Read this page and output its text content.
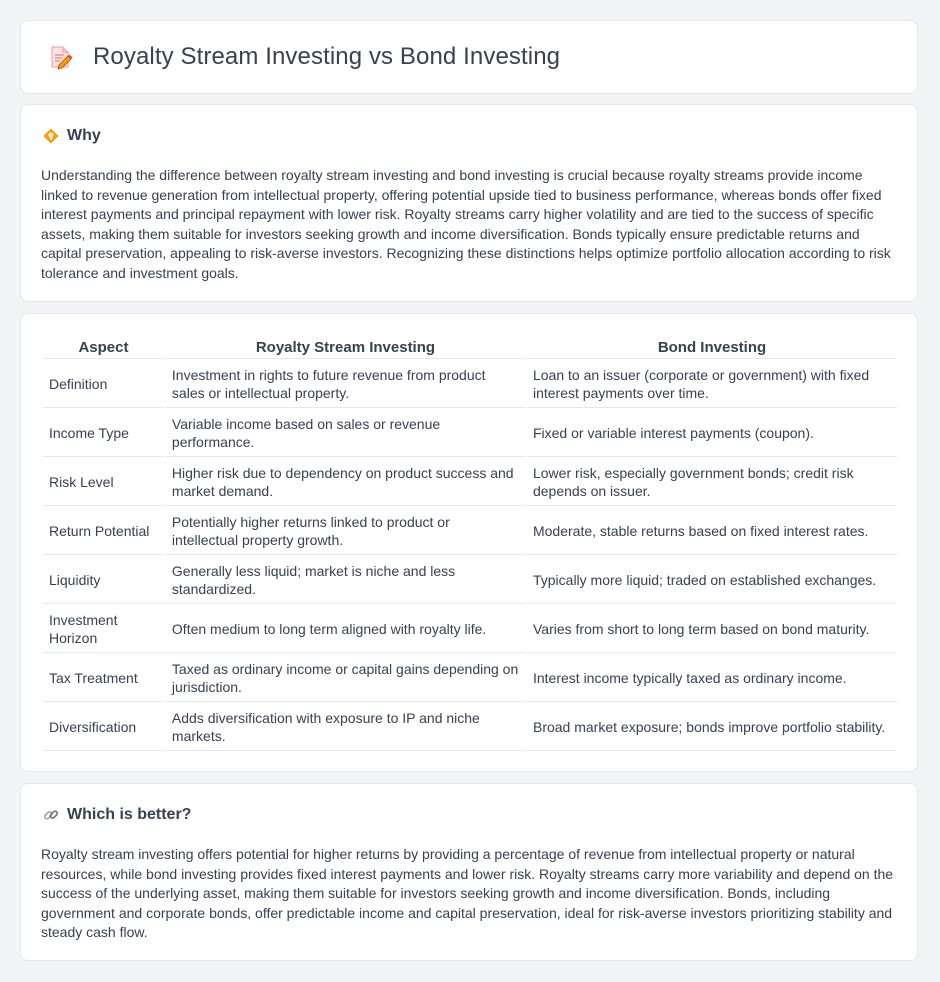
Royalty Stream Investing vs Bond Investing
Why

Understanding the difference between royalty stream investing and bond investing is crucial because royalty streams provide income linked to revenue generation from intellectual property, offering potential upside tied to business performance, whereas bonds offer fixed interest payments and principal repayment with lower risk. Royalty streams carry higher volatility and are tied to the success of specific assets, making them suitable for investors seeking growth and income diversification. Bonds typically ensure predictable returns and capital preservation, appealing to risk-averse investors. Recognizing these distinctions helps optimize portfolio allocation according to risk tolerance and investment goals.

Aspect	Royalty Stream Investing	Bond Investing
Definition	Investment in rights to future revenue from product sales or intellectual property.	Loan to an issuer (corporate or government) with fixed interest payments over time.
Income Type	Variable income based on sales or revenue performance.	Fixed or variable interest payments (coupon).
Risk Level	Higher risk due to dependency on product success and market demand.	Lower risk, especially government bonds; credit risk depends on issuer.
Return Potential	Potentially higher returns linked to product or intellectual property growth.	Moderate, stable returns based on fixed interest rates.
Liquidity	Generally less liquid; market is niche and less standardized.	Typically more liquid; traded on established exchanges.
Investment Horizon	Often medium to long term aligned with royalty life.	Varies from short to long term based on bond maturity.
Tax Treatment	Taxed as ordinary income or capital gains depending on jurisdiction.	Interest income typically taxed as ordinary income.
Diversification	Adds diversification with exposure to IP and niche markets.	Broad market exposure; bonds improve portfolio stability.
Which is better?

Royalty stream investing offers potential for higher returns by providing a percentage of revenue from intellectual property or natural resources, while bond investing provides fixed interest payments and lower risk. Royalty streams carry more variability and depend on the success of the underlying asset, making them suitable for investors seeking growth and income diversification. Bonds, including government and corporate bonds, offer predictable income and capital preservation, ideal for risk-averse investors prioritizing stability and steady cash flow.
